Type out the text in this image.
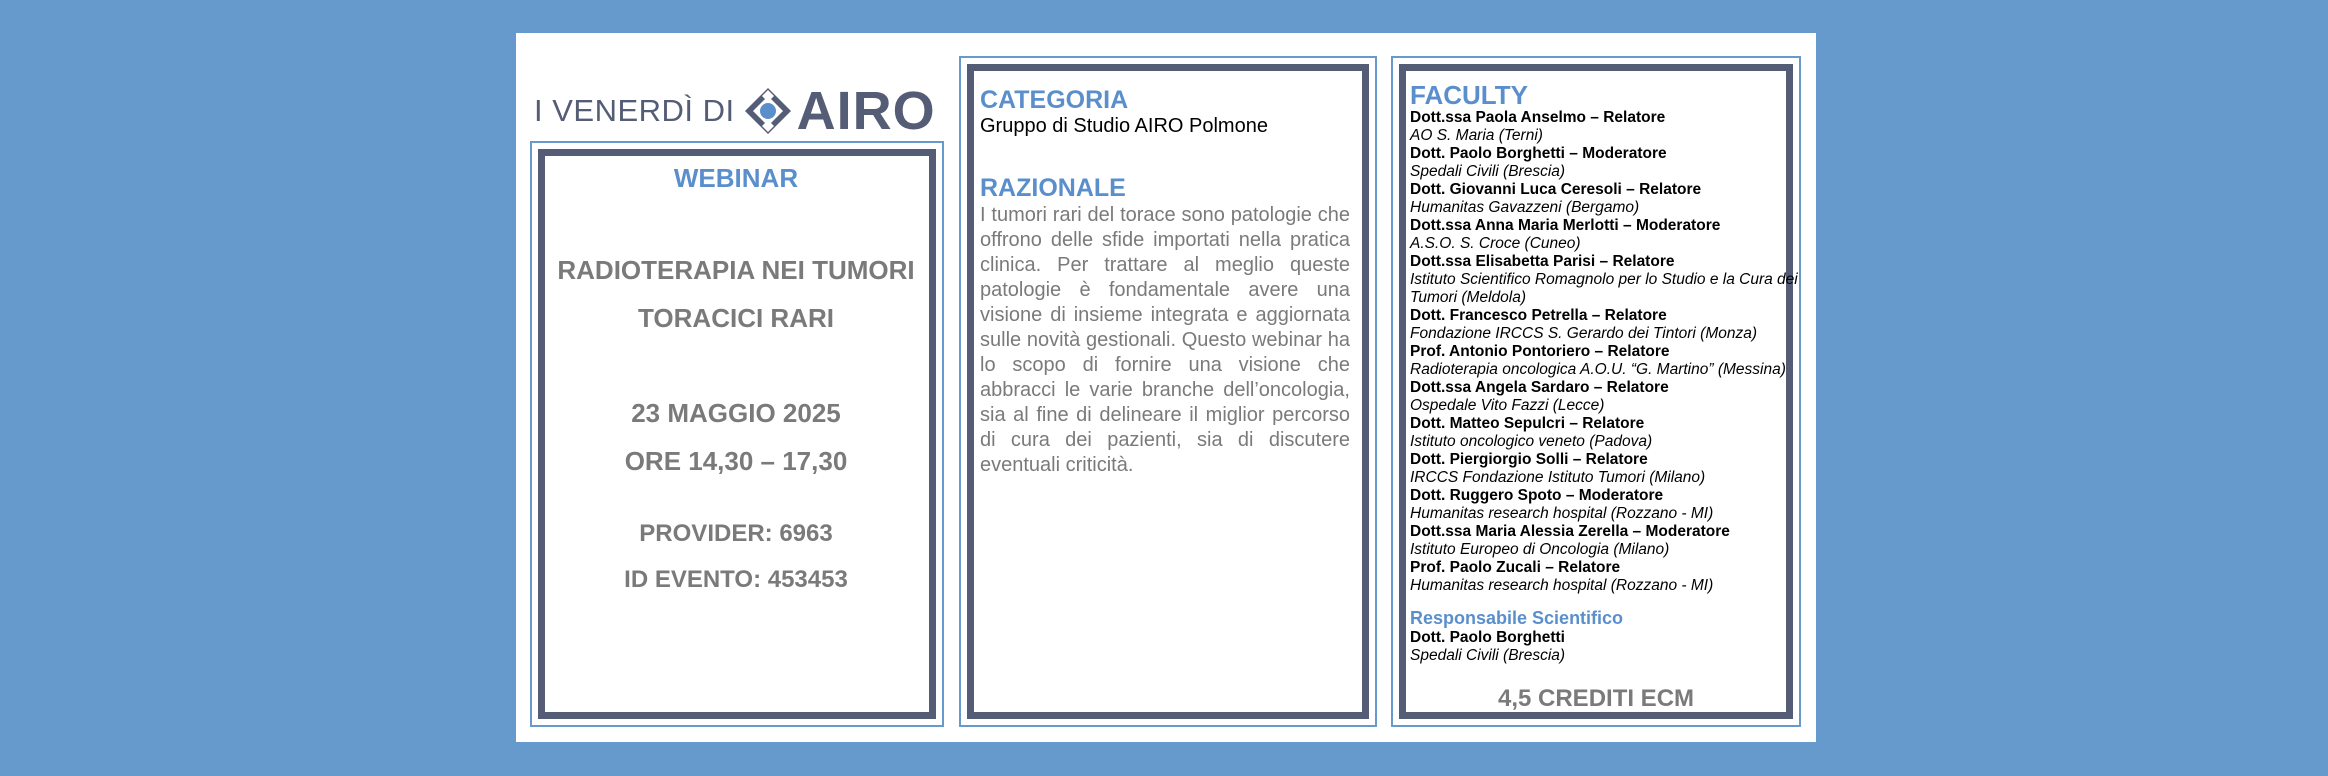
I VENERDÌ DI AIRO
WEBINAR
RADIOTERAPIA NEI TUMORI
TORACICI RARI
23 MAGGIO 2025
ORE 14,30 – 17,30
PROVIDER: 6963
ID EVENTO: 453453
CATEGORIA
Gruppo di Studio AIRO Polmone
RAZIONALE
I tumori rari del torace sono patologie che offrono delle sfide importati nella pratica clinica. Per trattare al meglio queste patologie è fondamentale avere una visione di insieme integrata e aggiornata sulle novità gestionali. Questo webinar ha lo scopo di fornire una visione che abbracci le varie branche dell’oncologia, sia al fine di delineare il miglior percorso di cura dei pazienti, sia di discutere eventuali criticità.
FACULTY
Dott.ssa Paola Anselmo – Relatore
AO S. Maria (Terni)
Dott. Paolo Borghetti – Moderatore
Spedali Civili (Brescia)
Dott. Giovanni Luca Ceresoli – Relatore
Humanitas Gavazzeni (Bergamo)
Dott.ssa Anna Maria Merlotti – Moderatore
A.S.O. S. Croce (Cuneo)
Dott.ssa Elisabetta Parisi – Relatore
Istituto Scientifico Romagnolo per lo Studio e la Cura dei Tumori (Meldola)
Dott. Francesco Petrella – Relatore
Fondazione IRCCS S. Gerardo dei Tintori (Monza)
Prof. Antonio Pontoriero – Relatore
Radioterapia oncologica A.O.U. “G. Martino” (Messina)
Dott.ssa Angela Sardaro – Relatore
Ospedale Vito Fazzi (Lecce)
Dott. Matteo Sepulcri – Relatore
Istituto oncologico veneto (Padova)
Dott. Piergiorgio Solli – Relatore
IRCCS Fondazione Istituto Tumori (Milano)
Dott. Ruggero Spoto – Moderatore
Humanitas research hospital (Rozzano - MI)
Dott.ssa Maria Alessia Zerella – Moderatore
Istituto Europeo di Oncologia (Milano)
Prof. Paolo Zucali – Relatore
Humanitas research hospital (Rozzano - MI)
Responsabile Scientifico
Dott. Paolo Borghetti
Spedali Civili (Brescia)
4,5 CREDITI ECM
